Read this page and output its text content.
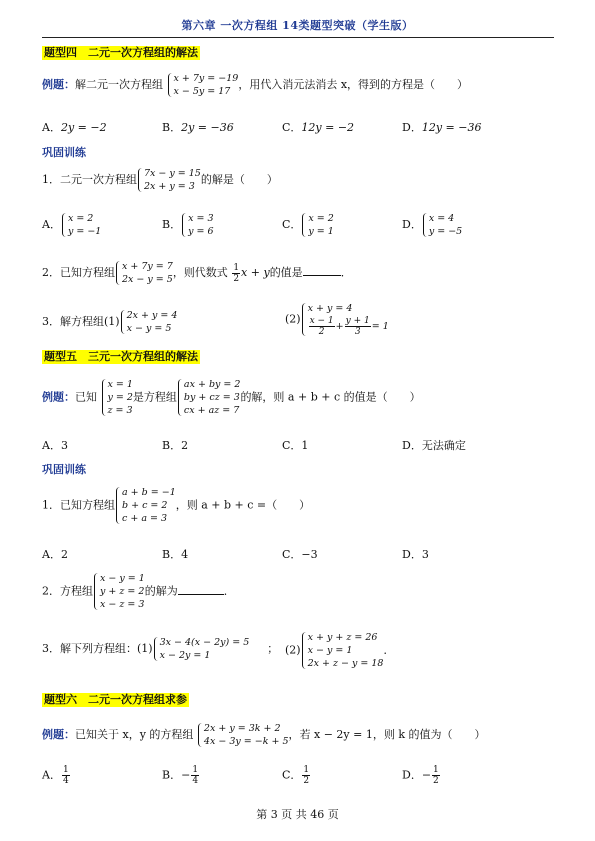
第六章 一次方程组 14类题型突破（学生版）
题型四　二元一次方程组的解法
例题：解二元一次方程组 x + 7y = −19
x − 5y = 17
，用代入消元法消去 x，得到的方程是（　　）
A．2y = −2	B．2y = −36	C．12y = −2	D．12y = −36
巩固训练
1．二元一次方程组 7x − y = 15
2x + y = 3
的解是（　　）
A． x = 2
y = −1
B． x = 3
y = 6
C． x = 2
y = 1
D． x = 4
y = −5
2．已知方程组 x + 7y = 7
2x − y = 5
，则代数式 $\frac{1}{2}$ x + y的值是	．
3．解方程组(1) 2x + y = 4
x − y = 5
(2)
x + y = 4
$\frac{x - 1}{2} + \frac{y + 1}{3} = 1$
题型五　三元一次方程组的解法
例题：已知
x = 1
y = 2
z = 3
是方程组
ax + by = 2
by + cz = 3
cx + az = 7
的解，则 a + b + c 的值是（　　）
A．3	B．2	C．1	D．无法确定
巩固训练
1．已知方程组
a + b = −1
b + c = 2
c + a = 3
，则 a + b + c =（　　）
A．2	B．4	C．−3	D．3
2．方程组
x − y = 1
y + z = 2
x − z = 3
的解为	．
3．解下列方程组：(1) 3x − 4(x − 2y) = 5
x − 2y = 1
； (2)
x + y + z = 26
x − y = 1
2x + z − y = 18
．
题型六　二元一次方程组求参
例题：已知关于 x，y 的方程组 2x + y = 3k + 2
4x − 3y = −k + 5
，若 x − 2y = 1，则 k 的值为（　　）
A． $\frac{1}{4}$	B．− $\frac{1}{4}$	C． $\frac{1}{2}$	D．− $\frac{1}{2}$
第 3 页 共 46 页
